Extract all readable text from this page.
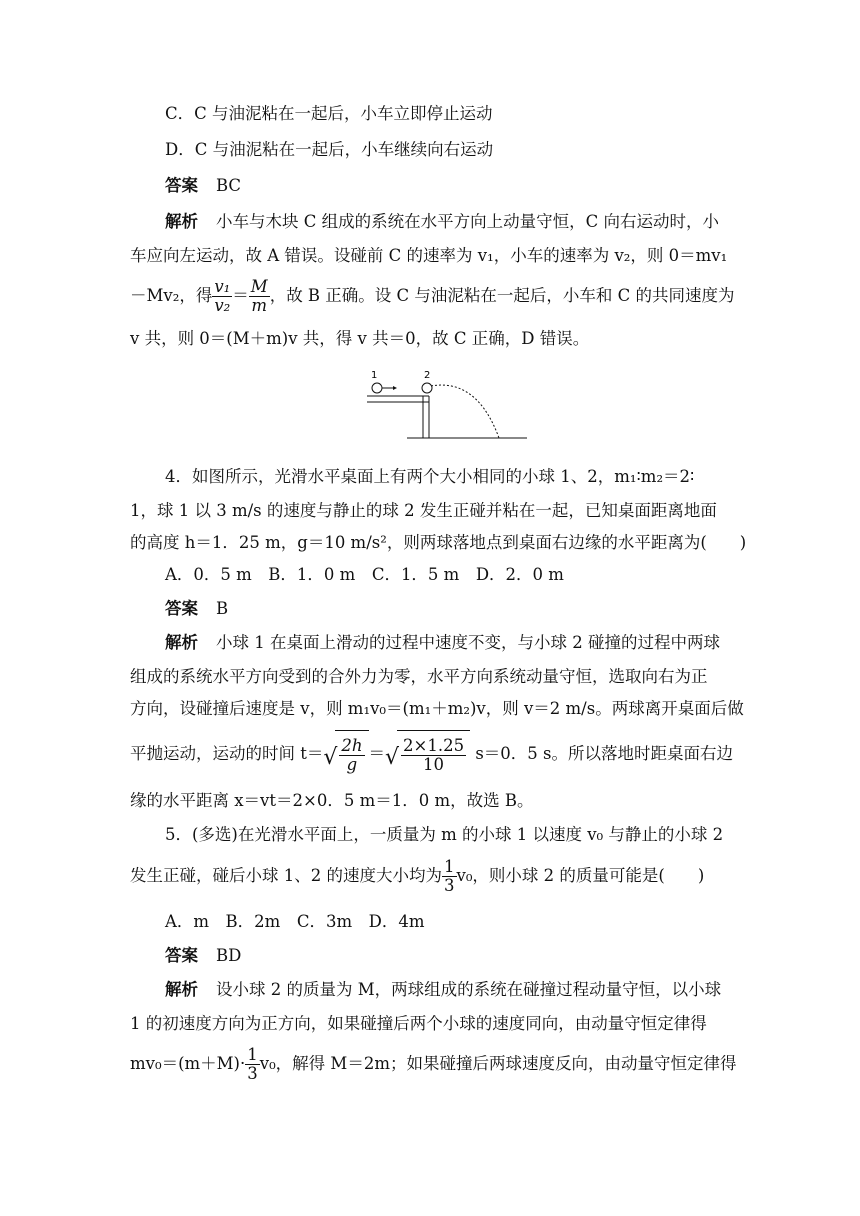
C．C 与油泥粘在一起后，小车立即停止运动
D．C 与油泥粘在一起后，小车继续向右运动
答案 BC
解析 小车与木块 C 组成的系统在水平方向上动量守恒，C 向右运动时，小
车应向左运动，故 A 错误。设碰前 C 的速率为 v₁，小车的速率为 v₂，则 0＝mv₁
－Mv₂，得 $\frac{\text{v₁}}{\text{v₂}} = \frac{M}{m}$ ，故 B 正确。设 C 与油泥粘在一起后，小车和 C 的共同速度为
v 共，则 0＝(M＋m)v 共，得 v 共＝0，故 C 正确，D 错误。
1	2
4．如图所示，光滑水平桌面上有两个大小相同的小球 1、2，m₁∶m₂＝2∶
1，球 1 以 3 m/s 的速度与静止的球 2 发生正碰并粘在一起，已知桌面距离地面
的高度 h＝1．25 m，g＝10 m/s²，则两球落地点到桌面右边缘的水平距离为(　　)
A．0．5 m　B．1．0 m　C．1．5 m　D．2．0 m
答案 B
解析 小球 1 在桌面上滑动的过程中速度不变，与小球 2 碰撞的过程中两球
组成的系统水平方向受到的合外力为零，水平方向系统动量守恒，选取向右为正
方向，设碰撞后速度是 v，则 m₁v₀＝(m₁＋m₂)v，则 v＝2 m/s。两球离开桌面后做
平抛运动，运动的时间 t＝ √ $\frac{2h}{g}$ ＝ √ $\frac{2\times 1.25}{10} s=0$．5 s。所以落地时距桌面右边
缘的水平距离 x＝vt＝2×0．5 m＝1．0 m，故选 B。
5．(多选)在光滑水平面上，一质量为 m 的小球 1 以速度 v₀ 与静止的小球 2
发生正碰，碰后小球 1、2 的速度大小均为 $\frac{1}{3} v_0$，则小球 2 的质量可能是(　　)
A．m　B．2m　C．3m　D．4m
答案 BD
解析 设小球 2 的质量为 M，两球组成的系统在碰撞过程动量守恒，以小球
1 的初速度方向为正方向，如果碰撞后两个小球的速度同向，由动量守恒定律得
$mv_0=(m+M)\cdot \frac{1}{3} v_0$，解得 M＝2m；如果碰撞后两球速度反向，由动量守恒定律得
